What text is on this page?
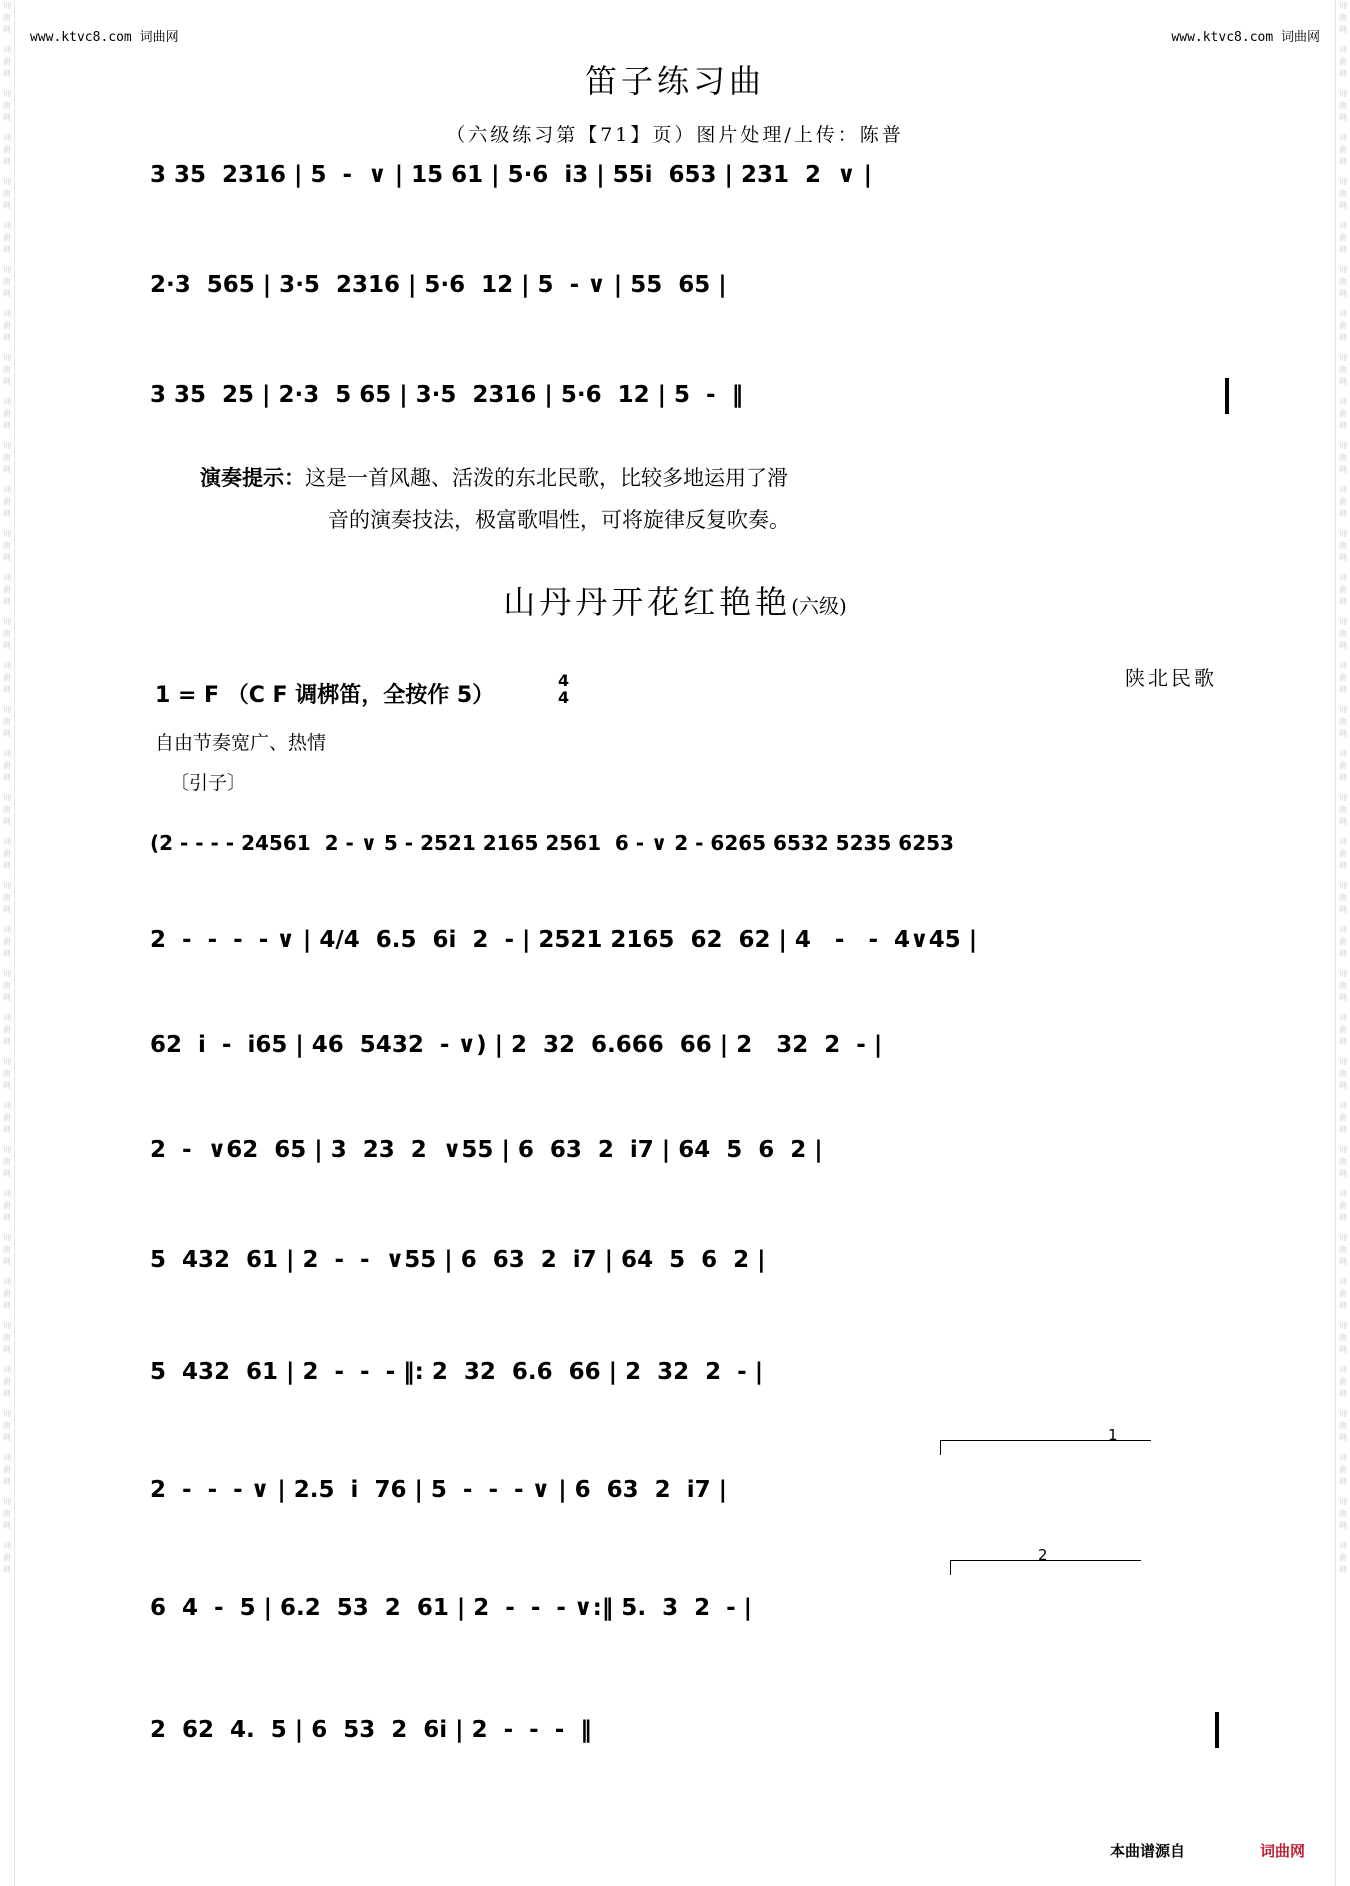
词
曲
网
词
曲
网
词
曲
网
词
曲
网
词
曲
网
词
曲
网
词
曲
网
词
曲
网
词
曲
网
词
曲
网
词
曲
网
词
曲
网
词
曲
网
词
曲
网
词
曲
网
词
曲
网
词
曲
网
词
曲
网
词
曲
网
词
曲
网
词
曲
网
词
曲
网
词
曲
网
词
曲
网
词
曲
网
词
曲
网
词
曲
网
词
曲
网
词
曲
网
词
曲
网
词
曲
网
词
曲
网
词
曲
网
词
曲
网
词
曲
网
词
曲
网
词
曲
网
词
曲
网
词
曲
网
词
曲
网
词
曲
网
词
曲
网
词
曲
网
词
曲
网
词
曲
网
词
曲
网
词
曲
网
词
曲
网
词
曲
网
词
曲
网
词
曲
网
词
曲
网
词
曲
网
词
曲
网
词
曲
网
词
曲
网
词
曲
网
词
曲
网
词
曲
网
词
曲
网
词
曲
网
词
曲
网
词
曲
网
词
曲
网
词
曲
网
词
曲
网
词
曲
网
词
曲
网
词
曲
网
词
曲
网
词
曲
网
词
曲
网
www.ktvc8.com 词曲网	www.ktvc8.com 词曲网
笛子练习曲
（六级练习第【71】页）图片处理/上传：陈普
3 35  2316 | 5  -  ∨ | 15 61 | 5·6  i3 | 55i  653 | 231  2  ∨ |
2·3  565 | 3·5  2316 | 5·6  12 | 5  - ∨ | 55  65 |
3 35  25 | 2·3  5 65 | 3·5  2316 | 5·6  12 | 5  -  ‖
演奏提示：这是一首风趣、活泼的东北民歌，比较多地运用了滑
音的演奏技法，极富歌唱性，可将旋律反复吹奏。
山丹丹开花红艳艳(六级)
1 = F （C F 调梆笛，全按作 5）
4
4
陕北民歌
自由节奏宽广、热情
〔引子〕
(2 - - - - 24561  2 - ∨ 5 - 2521 2165 2561  6 - ∨ 2 - 6265 6532 5235 6253
2  -  -  -  - ∨ | 4/4  6.5  6i  2  - | 2521 2165  62  62 | 4   -   -  4∨45 |
62  i  -  i65 | 46  5432  - ∨) | 2  32  6.666  66 | 2   32  2  - |
2  -  ∨62  65 | 3  23  2  ∨55 | 6  63  2  i7 | 64  5  6  2 |
5  432  61 | 2  -  -  ∨55 | 6  63  2  i7 | 64  5  6  2 |
5  432  61 | 2  -  -  - ‖: 2  32  6.6  66 | 2  32  2  - |
1
2  -  -  - ∨ | 2.5  i  76 | 5  -  -  - ∨ | 6  63  2  i7 |
2
6  4  -  5 | 6.2  53  2  61 | 2  -  -  - ∨:‖ 5.  3  2  - |
2  62  4.  5 | 6  53  2  6i | 2  -  -  -  ‖
本曲谱源自	词曲网
